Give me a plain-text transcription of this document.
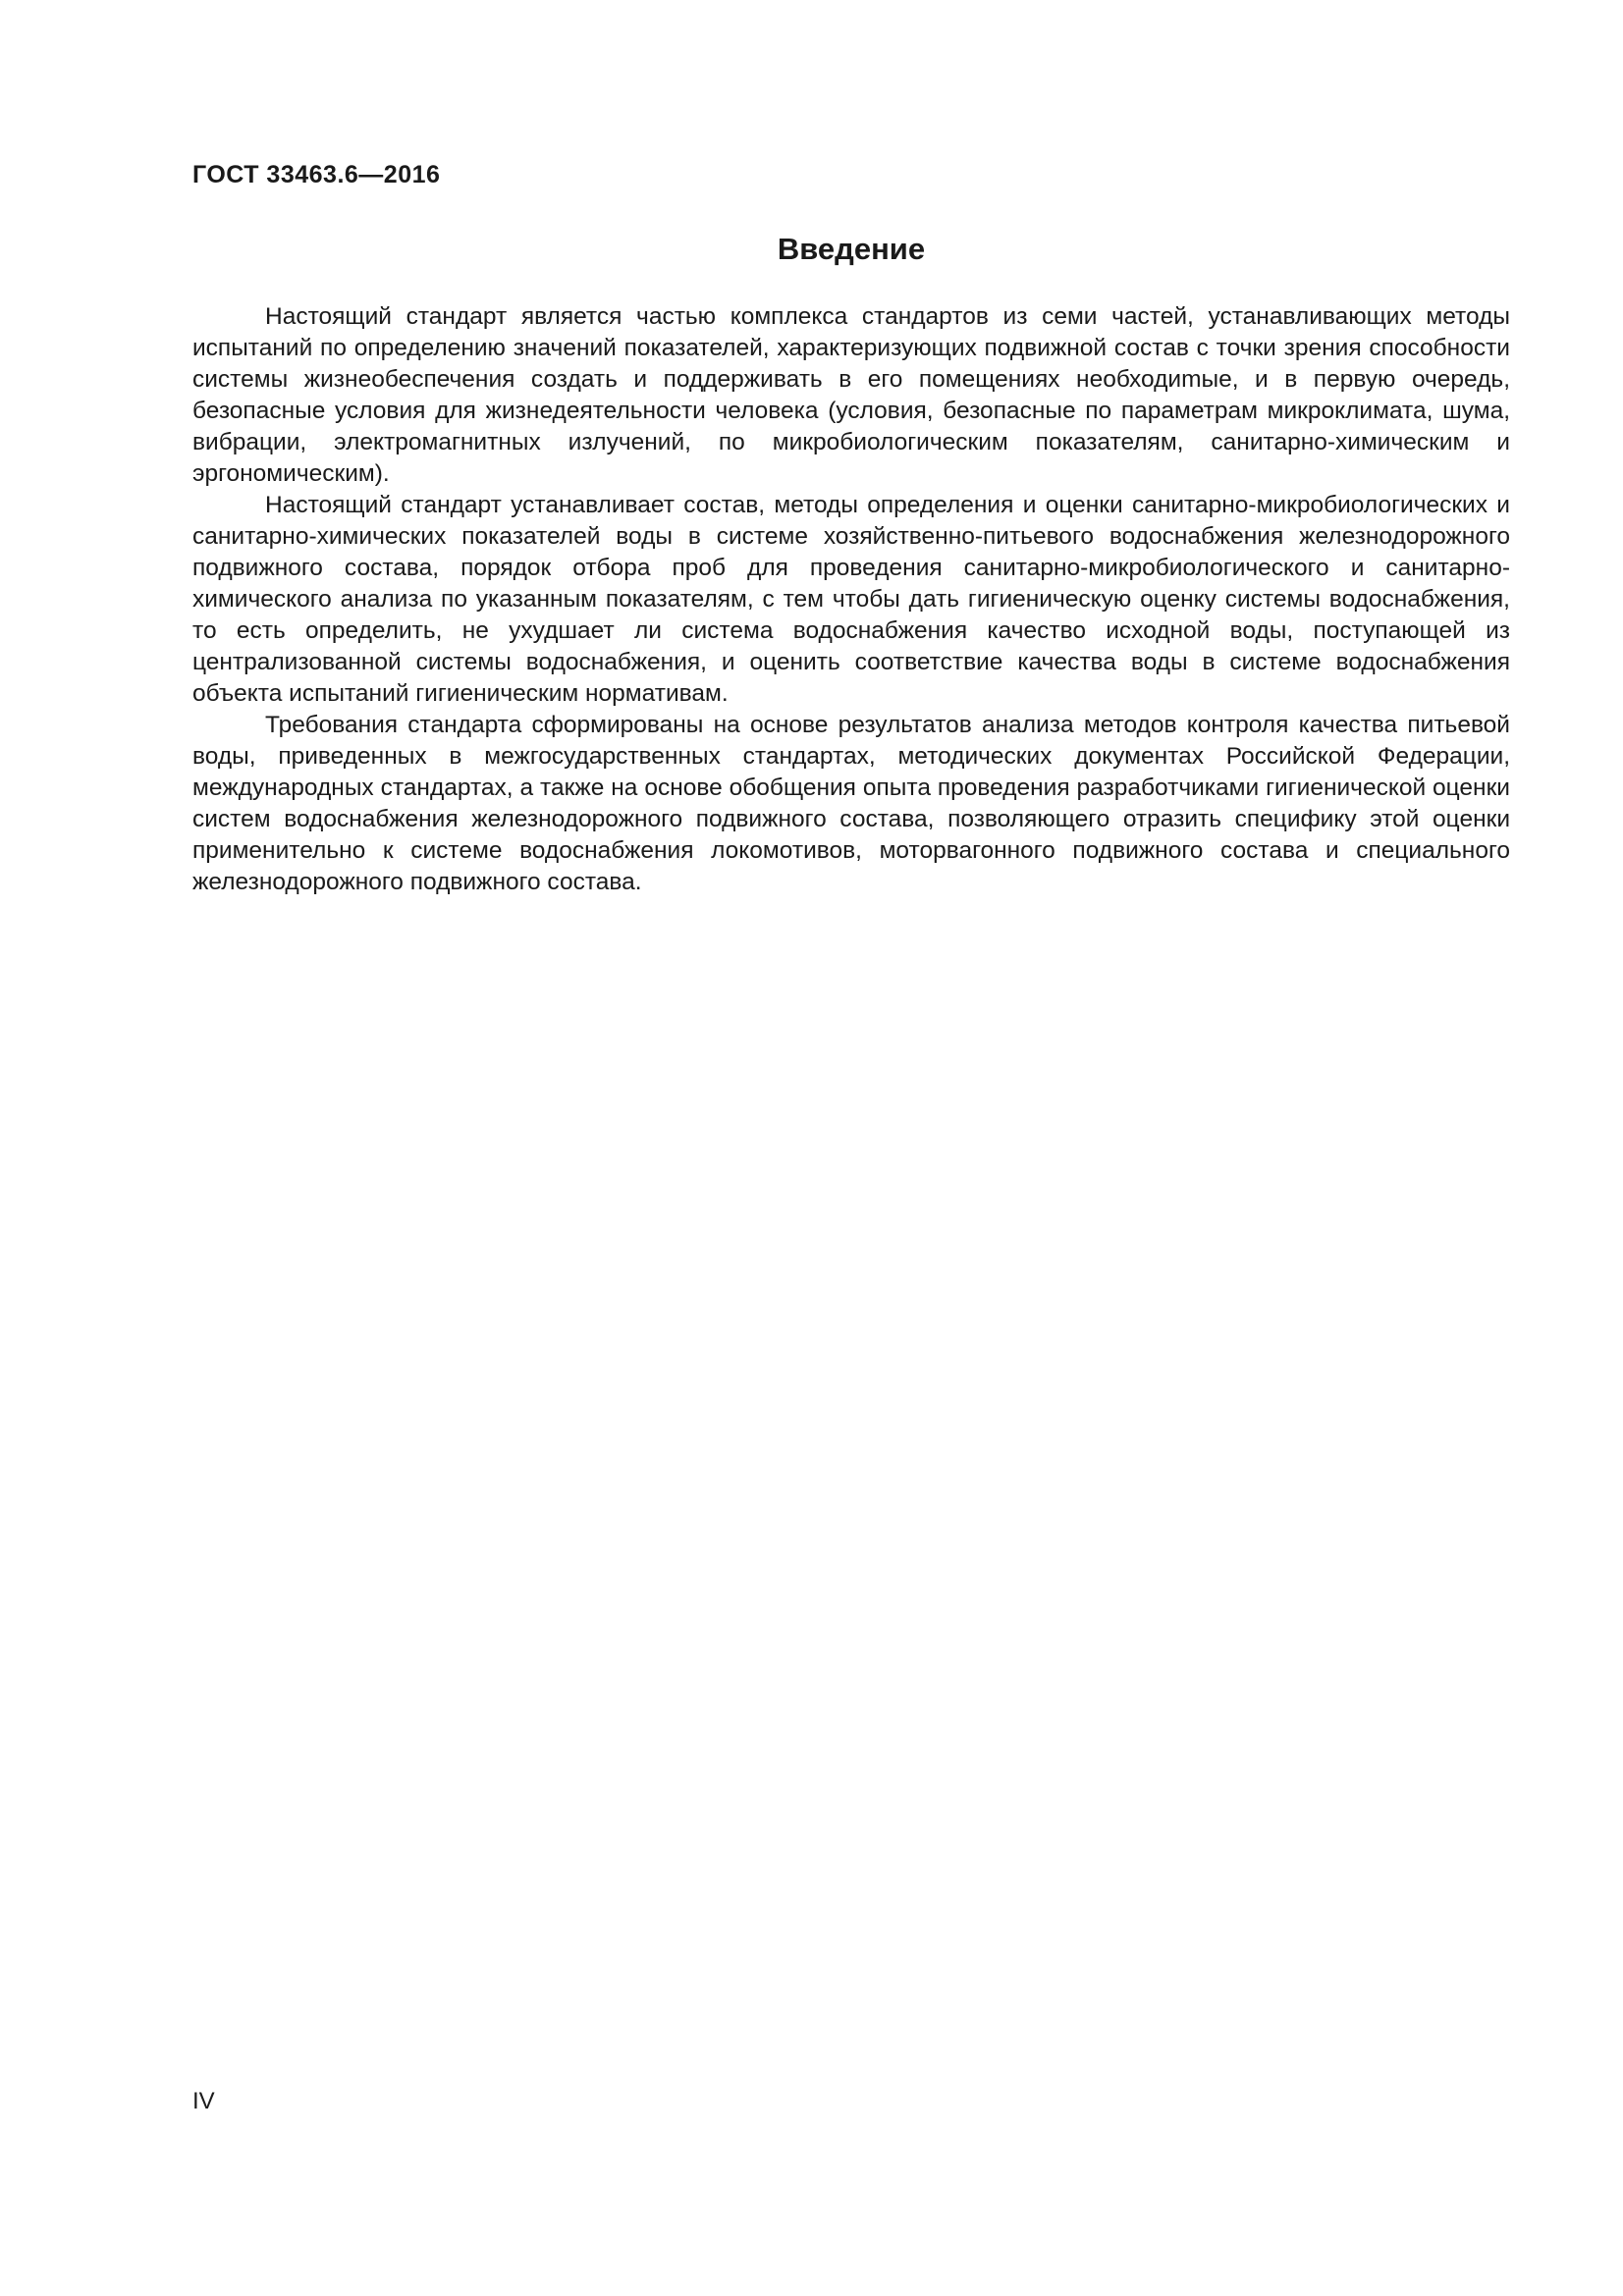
ГОСТ 33463.6—2016
Введение

Настоящий стандарт является частью комплекса стандартов из семи частей, устанавливающих методы испытаний по определению значений показателей, характеризующих подвижной состав с точки зрения способности системы жизнеобеспечения создать и поддерживать в его помещениях необходиmые, и в первую очередь, безопасные условия для жизнедеятельности человека (условия, безопасные по параметрам микроклимата, шума, вибрации, электромагнитных излучений, по микробиологическим показателям, санитарно-химическим и эргономическим).

Настоящий стандарт устанавливает состав, методы определения и оценки санитарно-микробиологических и санитарно-химических показателей воды в системе хозяйственно-питьевого водоснабжения железнодорожного подвижного состава, порядок отбора проб для проведения санитарно-микробиологического и санитарно-химического анализа по указанным показателям, с тем чтобы дать гигиеническую оценку системы водоснабжения, то есть определить, не ухудшает ли система водоснабжения качество исходной воды, поступающей из централизованной системы водоснабжения, и оценить соответствие качества воды в системе водоснабжения объекта испытаний гигиеническим нормативам.

Требования стандарта сформированы на основе результатов анализа методов контроля качества питьевой воды, приведенных в межгосударственных стандартах, методических документах Российской Федерации, международных стандартах, а также на основе обобщения опыта проведения разработчиками гигиенической оценки систем водоснабжения железнодорожного подвижного состава, позволяющего отразить специфику этой оценки применительно к системе водоснабжения локомотивов, моторвагонного подвижного состава и специального железнодорожного подвижного состава.

IV
